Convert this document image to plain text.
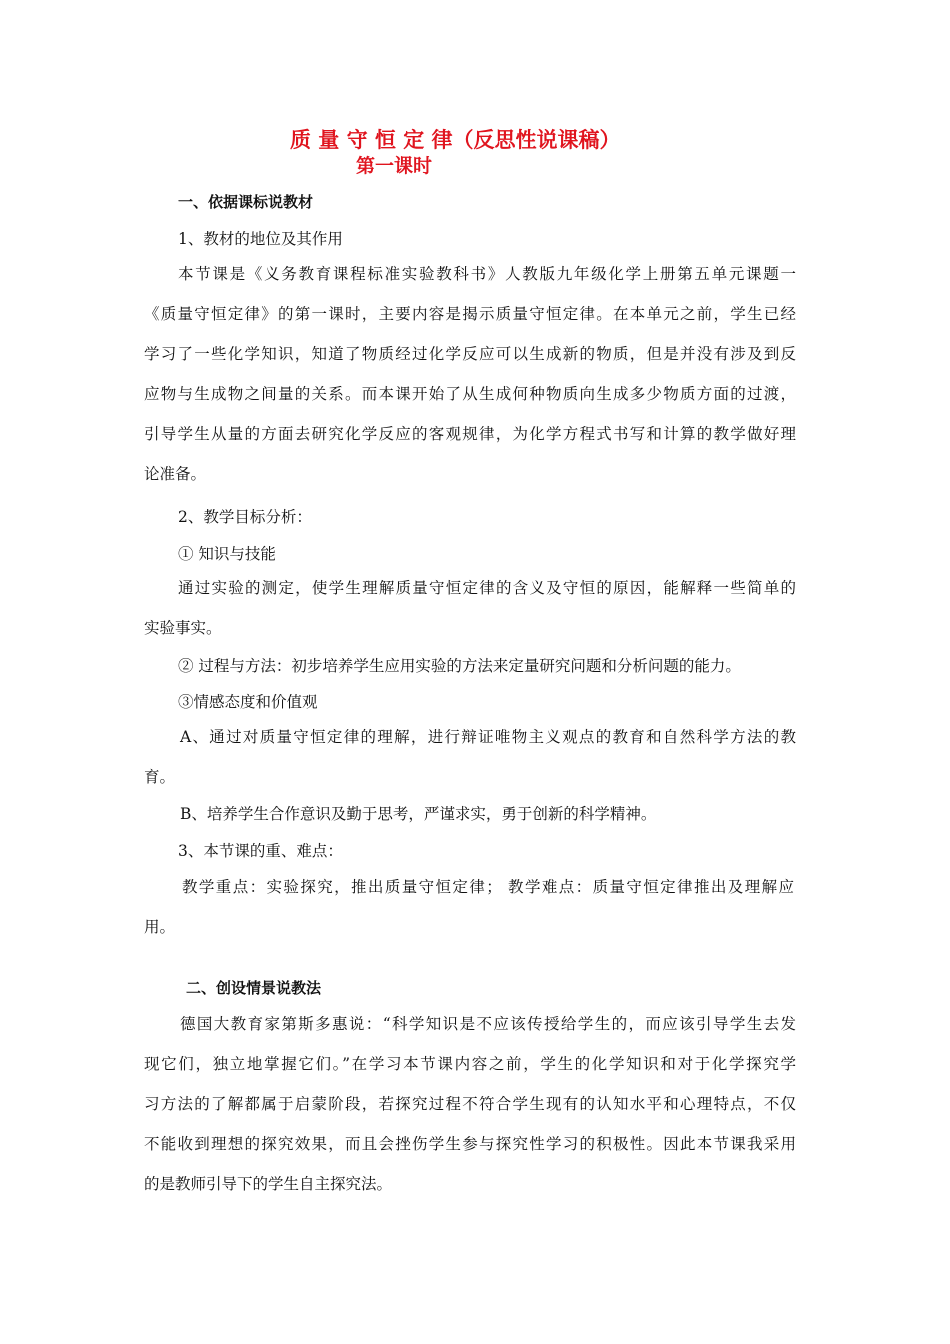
质 量 守 恒 定 律（反思性说课稿）
第一课时
一、依据课标说教材
1、教材的地位及其作用
本节课是《义务教育课程标准实验教科书》人教版九年级化学上册第五单元课题一
《质量守恒定律》的第一课时，主要内容是揭示质量守恒定律。在本单元之前，学生已经
学习了一些化学知识，知道了物质经过化学反应可以生成新的物质，但是并没有涉及到反
应物与生成物之间量的关系。而本课开始了从生成何种物质向生成多少物质方面的过渡，
引导学生从量的方面去研究化学反应的客观规律，为化学方程式书写和计算的教学做好理
论准备。
2、教学目标分析：
① 知识与技能
通过实验的测定，使学生理解质量守恒定律的含义及守恒的原因，能解释一些简单的
实验事实。
② 过程与方法：初步培养学生应用实验的方法来定量研究问题和分析问题的能力。
③情感态度和价值观
A、通过对质量守恒定律的理解，进行辩证唯物主义观点的教育和自然科学方法的教
育。
B、培养学生合作意识及勤于思考，严谨求实，勇于创新的科学精神。
3、本节课的重、难点：
教学重点：实验探究，推出质量守恒定律； 教学难点：质量守恒定律推出及理解应
用。
二、创设情景说教法
德国大教育家第斯多惠说：“科学知识是不应该传授给学生的，而应该引导学生去发
现它们，独立地掌握它们。”在学习本节课内容之前，学生的化学知识和对于化学探究学
习方法的了解都属于启蒙阶段，若探究过程不符合学生现有的认知水平和心理特点，不仅
不能收到理想的探究效果，而且会挫伤学生参与探究性学习的积极性。因此本节课我采用
的是教师引导下的学生自主探究法。
